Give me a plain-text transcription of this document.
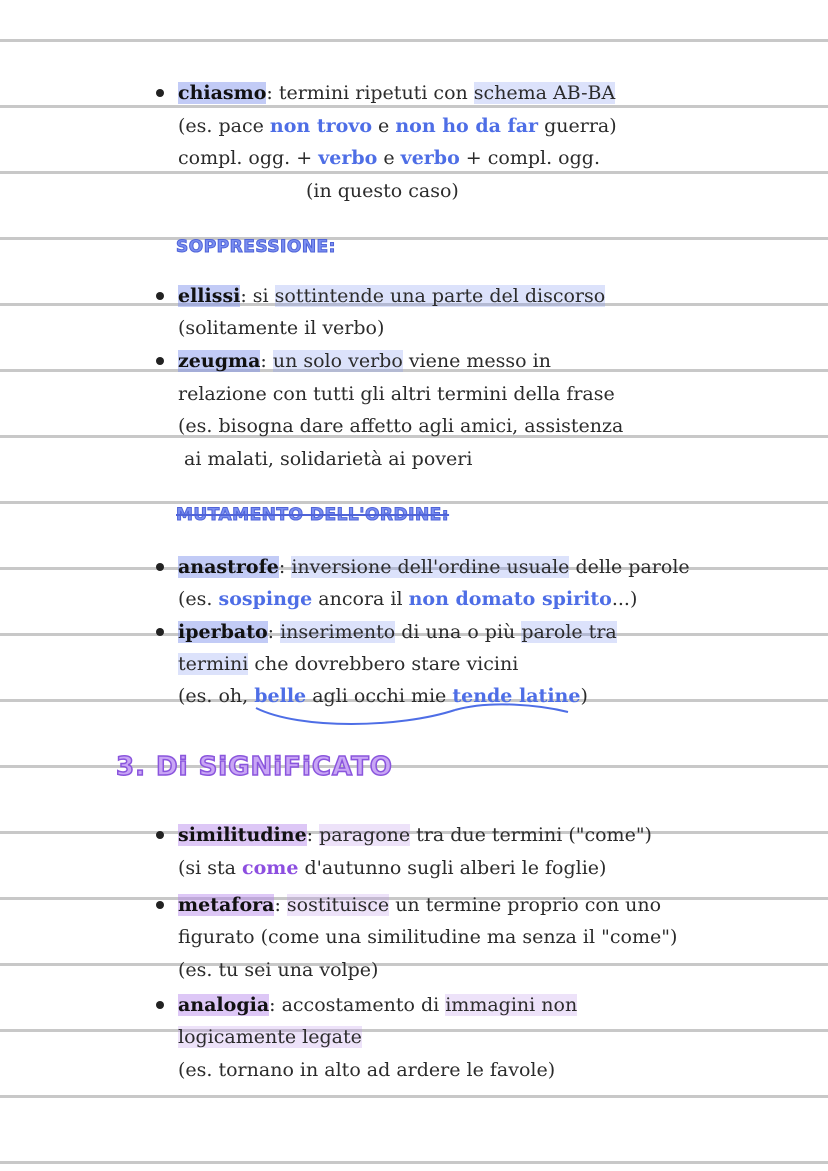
chiasmo: termini ripetuti con schema AB-BA
(es. pace non trovo e non ho da far guerra)
compl. ogg. + verbo e verbo + compl. ogg.
(in questo caso)
SOPPRESSIONE:
ellissi: si sottintende una parte del discorso
(solitamente il verbo)
zeugma: un solo verbo viene messo in
relazione con tutti gli altri termini della frase
(es. bisogna dare affetto agli amici, assistenza
ai malati, solidarietà ai poveri
MUTAMENTO DELL'ORDINE:
anastrofe: inversione dell'ordine usuale delle parole
(es. sospinge ancora il non domato spirito...)
iperbato: inserimento di una o più parole tra
termini che dovrebbero stare vicini
(es. oh, belle agli occhi mie tende latine)
3. Di SiGNiFiCATO
similitudine: paragone tra due termini ("come")
(si sta come d'autunno sugli alberi le foglie)
metafora: sostituisce un termine proprio con uno
figurato (come una similitudine ma senza il "come")
(es. tu sei una volpe)
analogia: accostamento di immagini non
logicamente legate
(es. tornano in alto ad ardere le favole)
